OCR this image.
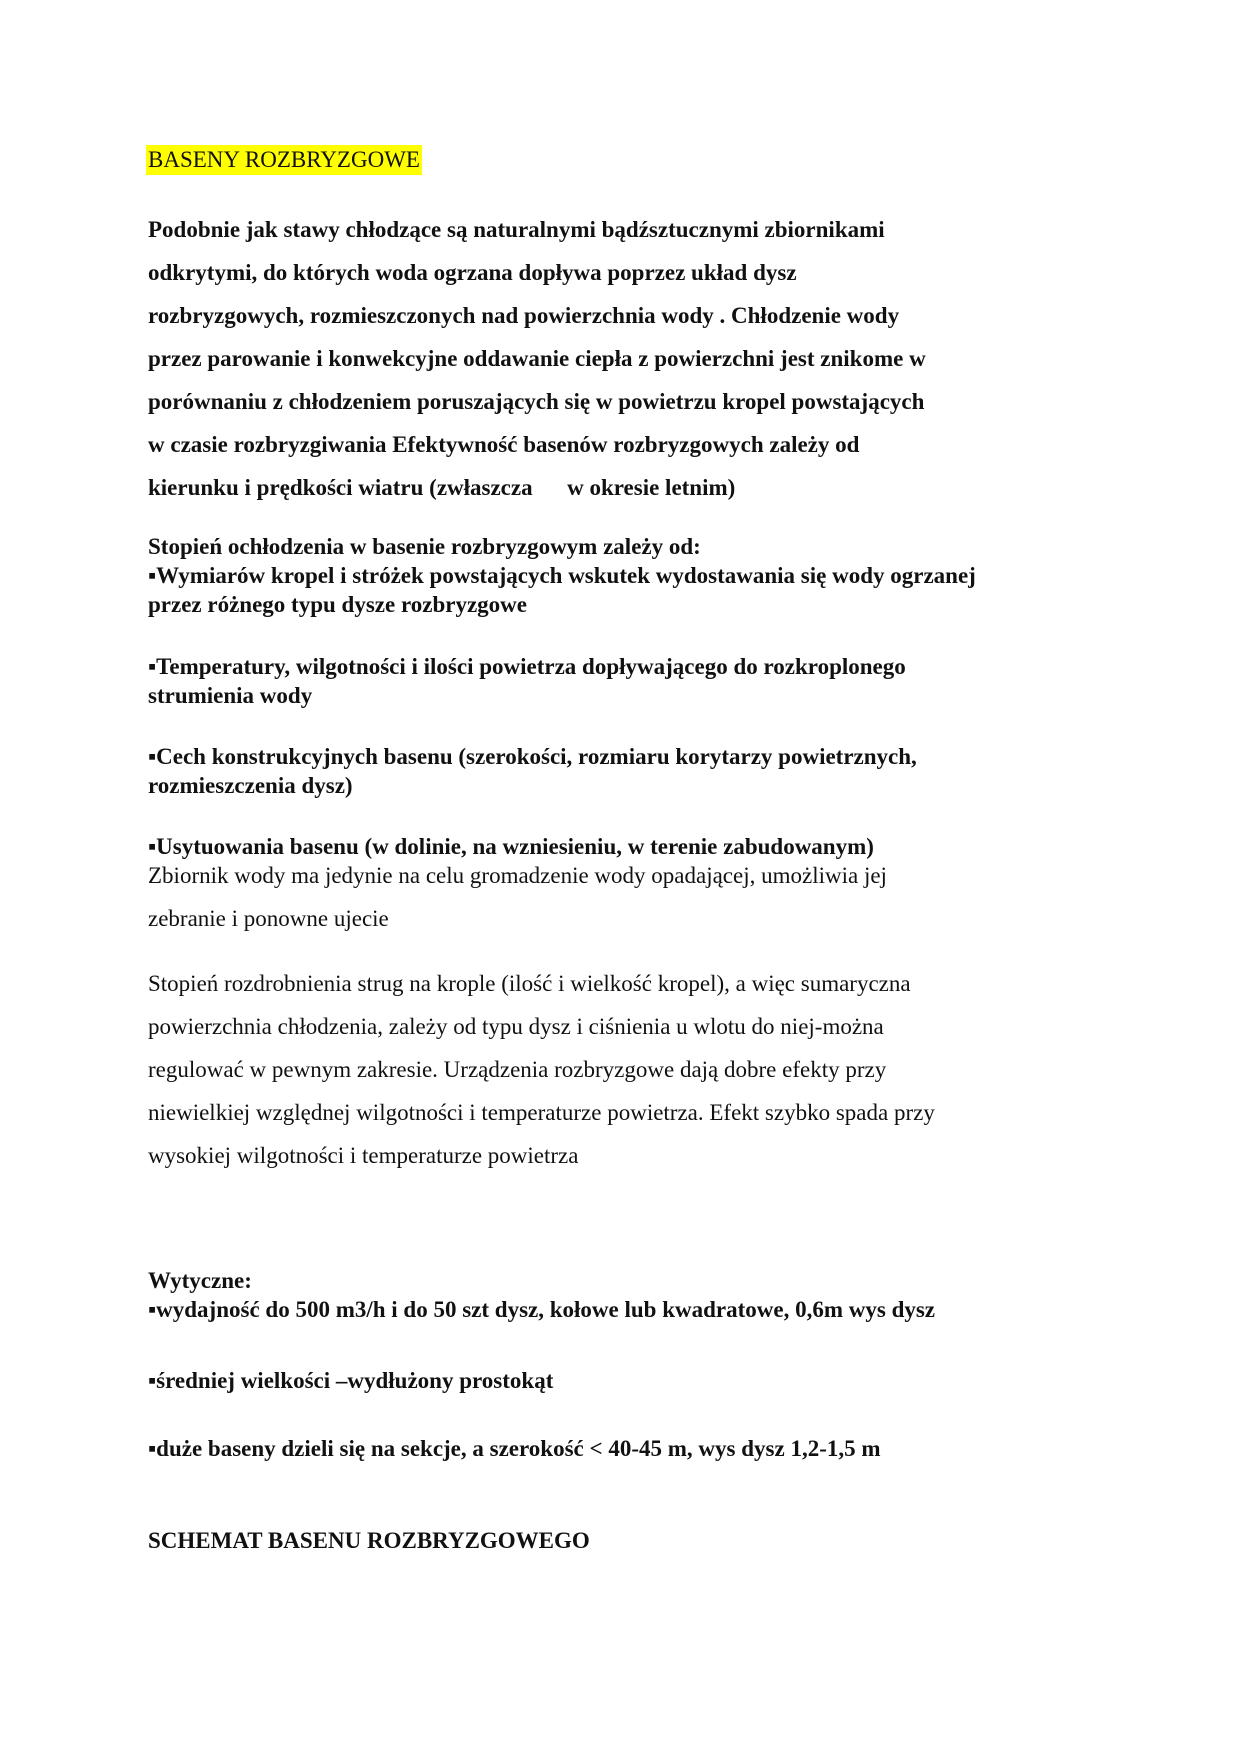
BASENY ROZBRYZGOWE
Podobnie jak stawy chłodzące są naturalnymi bądźsztucznymi zbiornikami
odkrytymi, do których woda ogrzana dopływa poprzez układ dysz
rozbryzgowych, rozmieszczonych nad powierzchnia wody . Chłodzenie wody
przez parowanie i konwekcyjne oddawanie ciepła z powierzchni jest znikome w
porównaniu z chłodzeniem poruszających się w powietrzu kropel powstających
w czasie rozbryzgiwania Efektywność basenów rozbryzgowych zależy od
kierunku i prędkości wiatru (zwłaszcza      w okresie letnim)
Stopień ochłodzenia w basenie rozbryzgowym zależy od:
▪Wymiarów kropel i stróżek powstających wskutek wydostawania się wody ogrzanej
przez różnego typu dysze rozbryzgowe
▪Temperatury, wilgotności i ilości powietrza dopływającego do rozkroplonego
strumienia wody
▪Cech konstrukcyjnych basenu (szerokości, rozmiaru korytarzy powietrznych,
rozmieszczenia dysz)
▪Usytuowania basenu (w dolinie, na wzniesieniu, w terenie zabudowanym)
Zbiornik wody ma jedynie na celu gromadzenie wody opadającej, umożliwia jej
zebranie i ponowne ujecie
Stopień rozdrobnienia strug na krople (ilość i wielkość kropel), a więc sumaryczna
powierzchnia chłodzenia, zależy od typu dysz i ciśnienia u wlotu do niej-można
regulować w pewnym zakresie. Urządzenia rozbryzgowe dają dobre efekty przy
niewielkiej względnej wilgotności i temperaturze powietrza. Efekt szybko spada przy
wysokiej wilgotności i temperaturze powietrza
Wytyczne:
▪wydajność do 500 m3/h i do 50 szt dysz, kołowe lub kwadratowe, 0,6m wys dysz
▪średniej wielkości –wydłużony prostokąt
▪duże baseny dzieli się na sekcje, a szerokość < 40-45 m, wys dysz 1,2-1,5 m
SCHEMAT BASENU ROZBRYZGOWEGO
